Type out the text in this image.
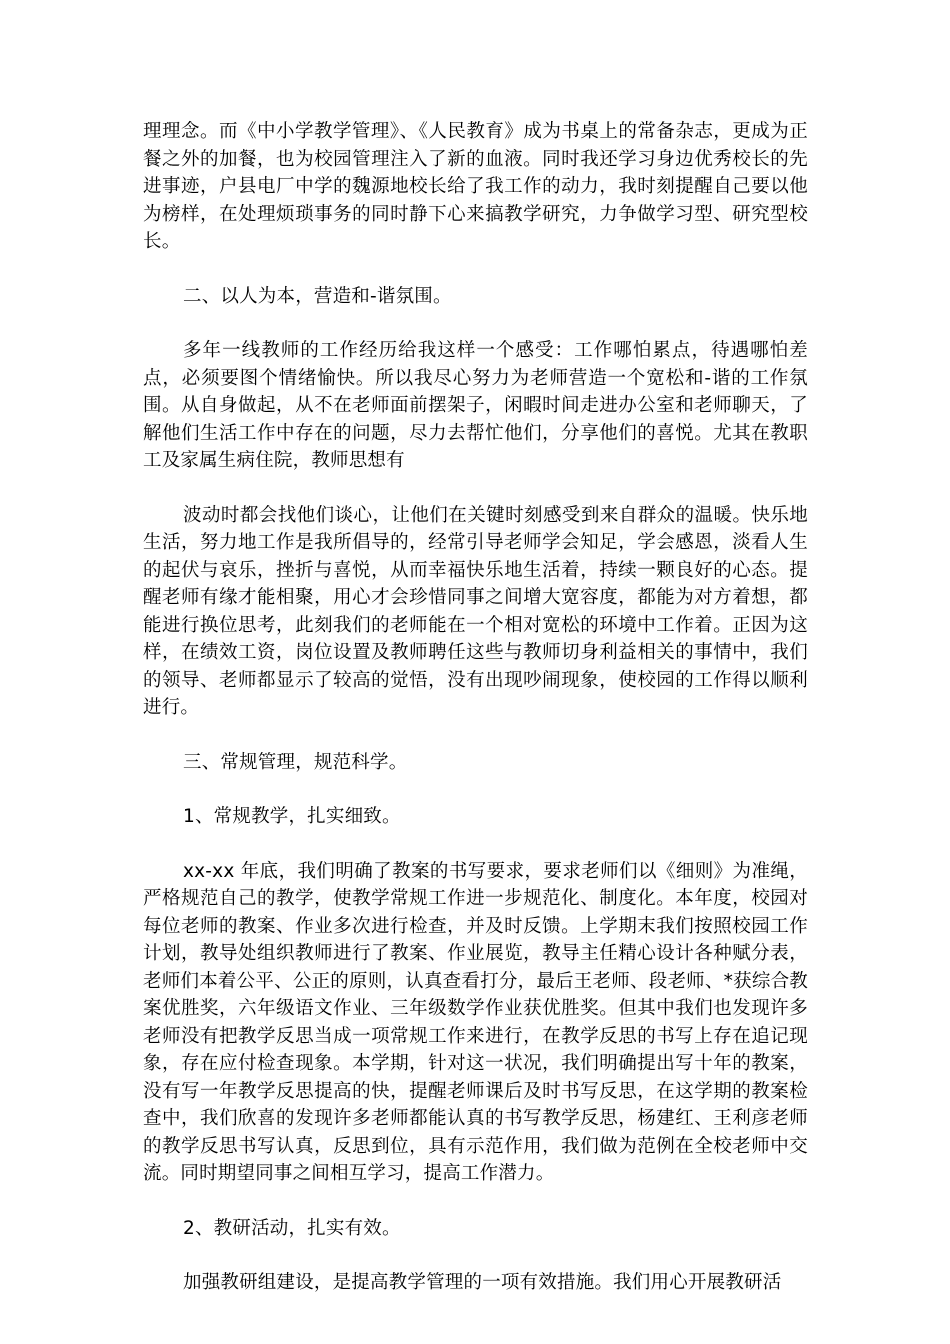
理理念。而《中小学教学管理》、《人民教育》成为书桌上的常备杂志，更成为正餐之外的加餐，也为校园管理注入了新的血液。同时我还学习身边优秀校长的先进事迹，户县电厂中学的魏源地校长给了我工作的动力，我时刻提醒自己要以他为榜样，在处理烦琐事务的同时静下心来搞教学研究，力争做学习型、研究型校长。

二、以人为本，营造和-谐氛围。

多年一线教师的工作经历给我这样一个感受：工作哪怕累点，待遇哪怕差点，必须要图个情绪愉快。所以我尽心努力为老师营造一个宽松和-谐的工作氛围。从自身做起，从不在老师面前摆架子，闲暇时间走进办公室和老师聊天，了解他们生活工作中存在的问题，尽力去帮忙他们，分享他们的喜悦。尤其在教职工及家属生病住院，教师思想有

波动时都会找他们谈心，让他们在关键时刻感受到来自群众的温暖。快乐地生活，努力地工作是我所倡导的，经常引导老师学会知足，学会感恩，淡看人生的起伏与哀乐，挫折与喜悦，从而幸福快乐地生活着，持续一颗良好的心态。提醒老师有缘才能相聚，用心才会珍惜同事之间增大宽容度，都能为对方着想，都能进行换位思考，此刻我们的老师能在一个相对宽松的环境中工作着。正因为这样，在绩效工资，岗位设置及教师聘任这些与教师切身利益相关的事情中，我们的领导、老师都显示了较高的觉悟，没有出现吵闹现象，使校园的工作得以顺利进行。

三、常规管理，规范科学。

1、常规教学，扎实细致。

xx-xx 年底，我们明确了教案的书写要求，要求老师们以《细则》为准绳，严格规范自己的教学，使教学常规工作进一步规范化、制度化。本年度，校园对每位老师的教案、作业多次进行检查，并及时反馈。上学期末我们按照校园工作计划，教导处组织教师进行了教案、作业展览，教导主任精心设计各种赋分表，老师们本着公平、公正的原则，认真查看打分，最后王老师、段老师、*获综合教案优胜奖，六年级语文作业、三年级数学作业获优胜奖。但其中我们也发现许多老师没有把教学反思当成一项常规工作来进行，在教学反思的书写上存在追记现象，存在应付检查现象。本学期，针对这一状况，我们明确提出写十年的教案，没有写一年教学反思提高的快，提醒老师课后及时书写反思，在这学期的教案检查中，我们欣喜的发现许多老师都能认真的书写教学反思，杨建红、王利彦老师的教学反思书写认真，反思到位，具有示范作用，我们做为范例在全校老师中交流。同时期望同事之间相互学习，提高工作潜力。

2、教研活动，扎实有效。

加强教研组建设，是提高教学管理的一项有效措施。我们用心开展教研活
